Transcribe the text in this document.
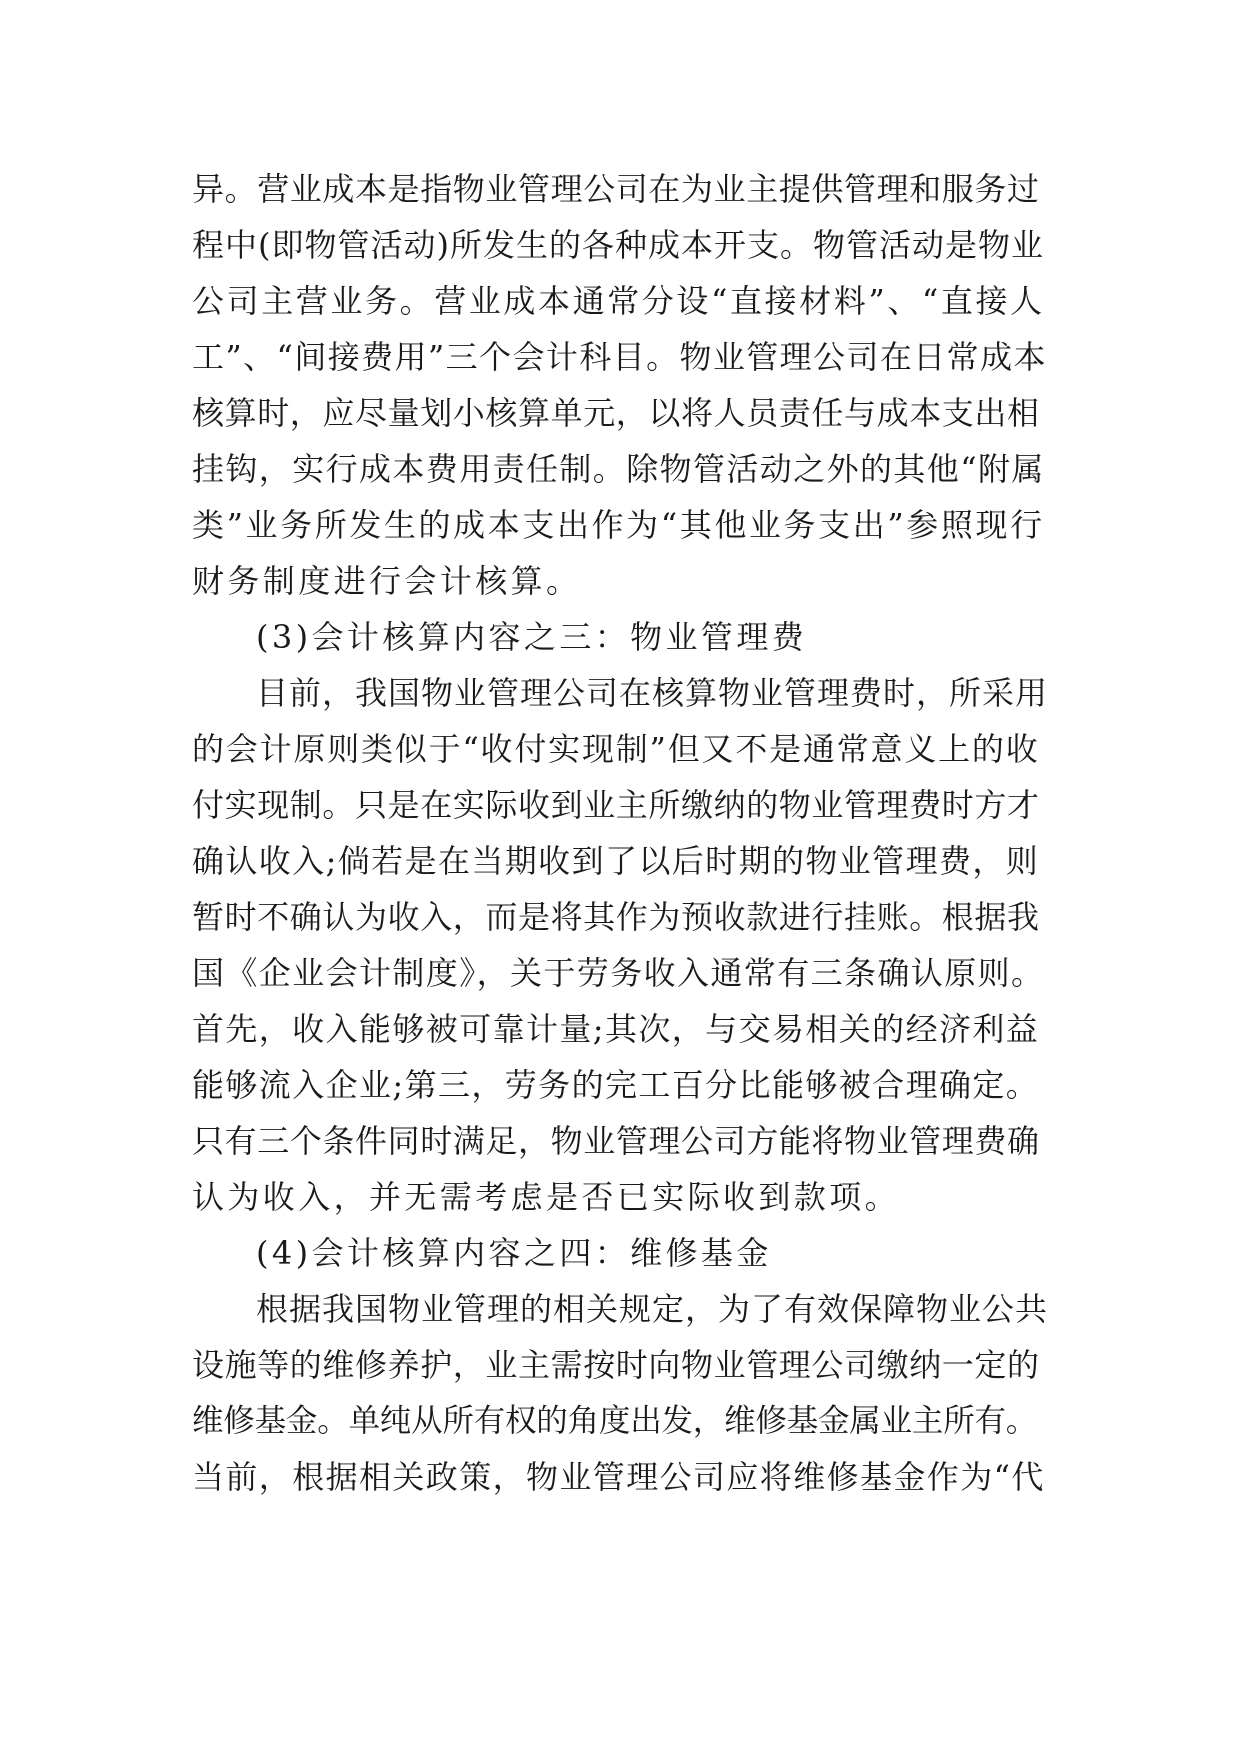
异。营业成本是指物业管理公司在为业主提供管理和服务过
程中(即物管活动)所发生的各种成本开支。物管活动是物业
公司主营业务。营业成本通常分设“直接材料”、“直接人
工”、“间接费用”三个会计科目。物业管理公司在日常成本
核算时，应尽量划小核算单元，以将人员责任与成本支出相
挂钩，实行成本费用责任制。除物管活动之外的其他“附属
类”业务所发生的成本支出作为“其他业务支出”参照现行
财务制度进行会计核算。
(3)会计核算内容之三：物业管理费
目前，我国物业管理公司在核算物业管理费时，所采用
的会计原则类似于“收付实现制”但又不是通常意义上的收
付实现制。只是在实际收到业主所缴纳的物业管理费时方才
确认收入;倘若是在当期收到了以后时期的物业管理费，则
暂时不确认为收入，而是将其作为预收款进行挂账。根据我
国《企业会计制度》，关于劳务收入通常有三条确认原则。
首先，收入能够被可靠计量;其次，与交易相关的经济利益
能够流入企业;第三，劳务的完工百分比能够被合理确定。
只有三个条件同时满足，物业管理公司方能将物业管理费确
认为收入，并无需考虑是否已实际收到款项。
(4)会计核算内容之四：维修基金
根据我国物业管理的相关规定，为了有效保障物业公共
设施等的维修养护，业主需按时向物业管理公司缴纳一定的
维修基金。单纯从所有权的角度出发，维修基金属业主所有。
当前，根据相关政策，物业管理公司应将维修基金作为“代
